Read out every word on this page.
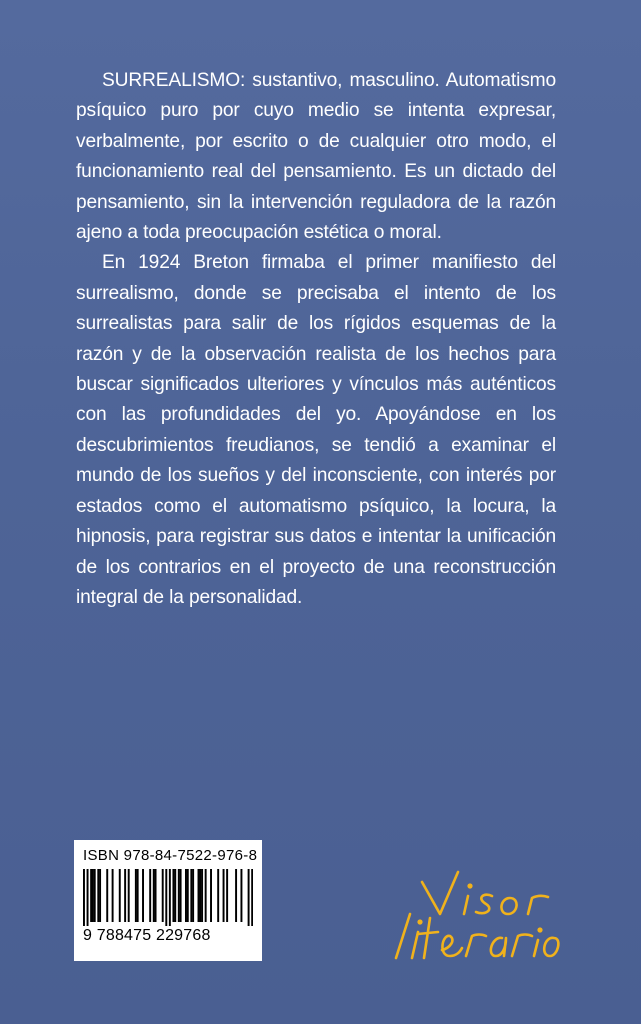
SURREALISMO: sustantivo, masculino. Automatismo psíquico puro por cuyo medio se intenta expresar, verbalmente, por escrito o de cualquier otro modo, el funcionamiento real del pensamiento. Es un dictado del pensamiento, sin la intervención reguladora de la razón ajeno a toda preocupación estética o moral.

En 1924 Breton firmaba el primer manifiesto del surrealismo, donde se precisaba el intento de los surrealistas para salir de los rígidos esquemas de la razón y de la observación realista de los hechos para buscar significados ulteriores y vínculos más auténticos con las profundidades del yo. Apoyándose en los descubrimientos freudianos, se tendió a examinar el mundo de los sueños y del inconsciente, con interés por estados como el automatismo psíquico, la locura, la hipnosis, para registrar sus datos e intentar la unificación de los contrarios en el proyecto de una reconstrucción integral de la personalidad.

ISBN 978-84-7522-976-8
9 788475 229768
